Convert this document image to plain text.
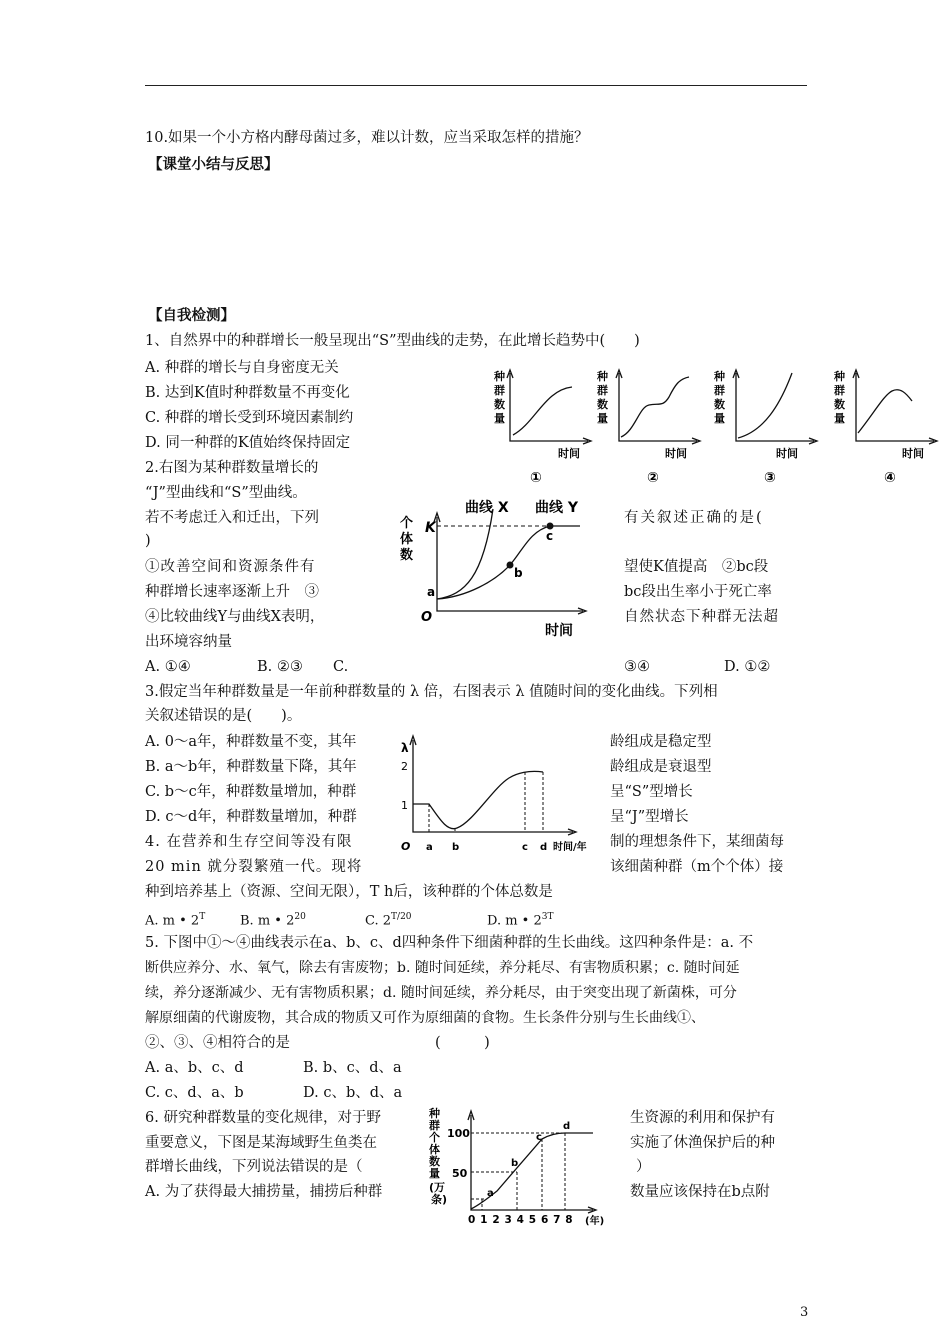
10.如果一个小方格内酵母菌过多，难以计数，应当采取怎样的措施？
【课堂小结与反思】
【自我检测】
1、自然界中的种群增长一般呈现出“S”型曲线的走势，在此增长趋势中(　　)
A. 种群的增长与自身密度无关
B. 达到K值时种群数量不再变化
C. 种群的增长受到环境因素制约
D. 同一种群的K值始终保持固定
种
群
数
量
时间
①
种
群
数
量
时间
②
种
群
数
量
时间
③
种
群
数
量
时间
④
2.右图为某种群数量增长的
“J”型曲线和“S”型曲线。
若不考虑迁入和迁出，下列	有关叙述正确的是(
)
①改善空间和资源条件有	望使K值提高　②bc段
种群增长速率逐渐上升　③	bc段出生率小于死亡率
④比较曲线Y与曲线X表明，	自然状态下种群无法超
出环境容纳量
A. ①④	B. ②③ C.	③④	D. ①②
曲线 X 曲线 Y
K
个
体
数
a
b
c
O
时间
3.假定当年种群数量是一年前种群数量的 λ 倍，右图表示 λ 值随时间的变化曲线。下列相
关叙述错误的是(　　)。
A. 0～a年，种群数量不变，其年	龄组成是稳定型
B. a～b年，种群数量下降，其年	龄组成是衰退型
C. b～c年，种群数量增加，种群	呈“S”型增长
D. c～d年，种群数量增加，种群	呈“J”型增长
λ
2
1
O a b	c d 时间/年
4. 在营养和生存空间等没有限	制的理想条件下，某细菌每
20 min 就分裂繁殖一代。现将	该细菌种群（m个个体）接
种到培养基上（资源、空间无限），T h后，该种群的个体总数是
A. m • $2^T$	B. m • $2^{20}$	C. $2^{T/20}$	D. m • $2^{3T}$
5. 下图中①～④曲线表示在a、b、c、d四种条件下细菌种群的生长曲线。这四种条件是：a. 不
断供应养分、水、氧气，除去有害废物；b. 随时间延续，养分耗尽、有害物质积累；c. 随时间延
续，养分逐渐减少、无有害物质积累；d. 随时间延续，养分耗尽，由于突变出现了新菌株，可分
解原细菌的代谢废物，其合成的物质又可作为原细菌的食物。生长条件分别与生长曲线①、
②、③、④相符合的是　　　　　　　　　　(　　　)
A. a、b、c、d	B. b、c、d、a
C. c、d、a、b	D. c、b、d、a
6. 研究种群数量的变化规律，对于野	生资源的利用和保护有
重要意义，下图是某海域野生鱼类在	实施了休渔保护后的种
群增长曲线，下列说法错误的是（	）
A. 为了获得最大捕捞量，捕捞后种群	数量应该保持在b点附
种
群
个
体
数
量
(万
条)
100
50
a
b
c
d
0 1 2 3 4 5 6 7 8 (年)
3
